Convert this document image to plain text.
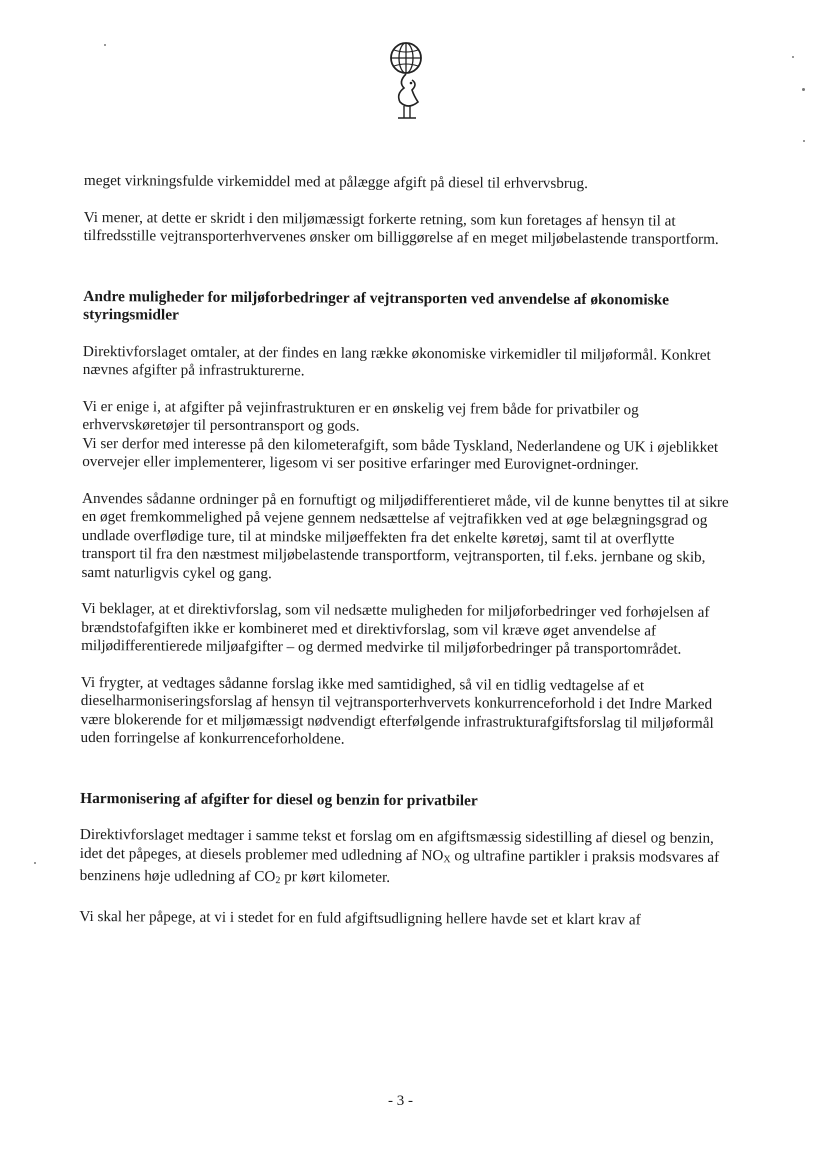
meget virkningsfulde virkemiddel med at pålægge afgift på diesel til erhvervsbrug.

Vi mener, at dette er skridt i den miljømæssigt forkerte retning, som kun foretages af hensyn til at tilfredsstille vejtransporterhvervenes ønsker om billiggørelse af en meget miljøbelastende transportform.

Andre muligheder for miljøforbedringer af vejtransporten ved anvendelse af økonomiske styringsmidler

Direktivforslaget omtaler, at der findes en lang række økonomiske virkemidler til miljøformål. Konkret nævnes afgifter på infrastrukturerne.

Vi er enige i, at afgifter på vejinfrastrukturen er en ønskelig vej frem både for privatbiler og erhvervskøretøjer til persontransport og gods.

Vi ser derfor med interesse på den kilometerafgift, som både Tyskland, Nederlandene og UK i øjeblikket overvejer eller implementerer, ligesom vi ser positive erfaringer med Eurovignet-ordninger.

Anvendes sådanne ordninger på en fornuftigt og miljødifferentieret måde, vil de kunne benyttes til at sikre en øget fremkommelighed på vejene gennem nedsættelse af vejtrafikken ved at øge belægningsgrad og undlade overflødige ture, til at mindske miljøeffekten fra det enkelte køretøj, samt til at overflytte transport til fra den næstmest miljøbelastende transportform, vejtransporten, til f.eks. jernbane og skib, samt naturligvis cykel og gang.

Vi beklager, at et direktivforslag, som vil nedsætte muligheden for miljøforbedringer ved forhøjelsen af brændstofafgiften ikke er kombineret med et direktivforslag, som vil kræve øget anvendelse af miljødifferentierede miljøafgifter – og dermed medvirke til miljøforbedringer på transportområdet.

Vi frygter, at vedtages sådanne forslag ikke med samtidighed, så vil en tidlig vedtagelse af et dieselharmoniseringsforslag af hensyn til vejtransporterhvervets konkurrenceforhold i det Indre Marked være blokerende for et miljømæssigt nødvendigt efterfølgende infrastrukturafgiftsforslag til miljøformål uden forringelse af konkurrenceforholdene.

Harmonisering af afgifter for diesel og benzin for privatbiler

Direktivforslaget medtager i samme tekst et forslag om en afgiftsmæssig sidestilling af diesel og benzin, idet det påpeges, at diesels problemer med udledning af $NO_X$ og ultrafine partikler i praksis modsvares af benzinens høje udledning af $CO_2$ pr kørt kilometer.

Vi skal her påpege, at vi i stedet for en fuld afgiftsudligning hellere havde set et klart krav af

- 3 -
